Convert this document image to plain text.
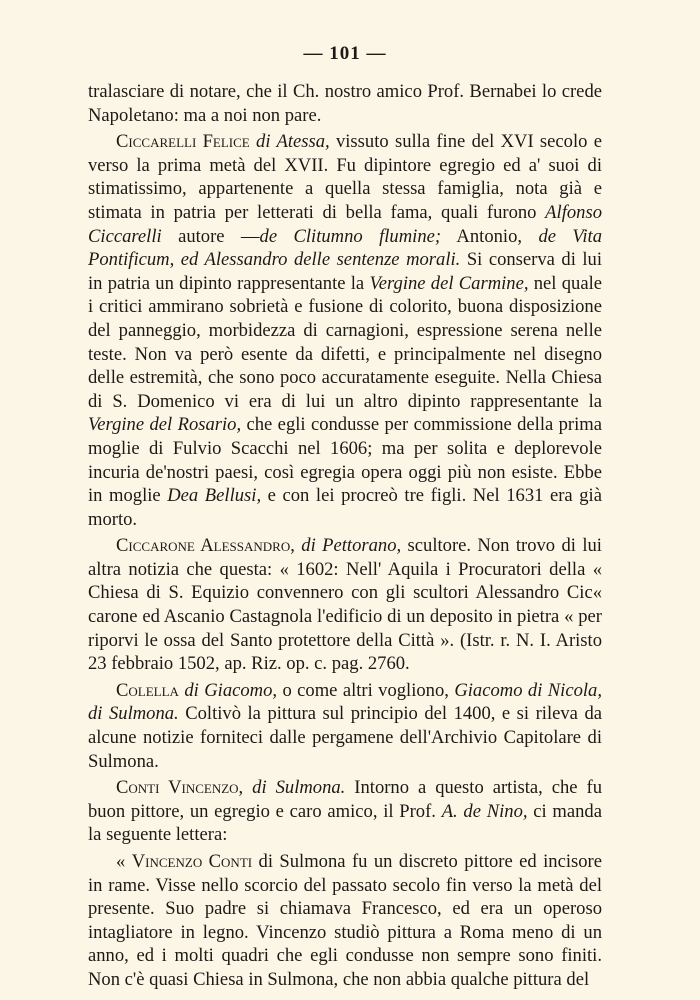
— 101 —

tralasciare di notare, che il Ch. nostro amico Prof. Bernabei lo crede Napoletano: ma a noi non pare.

Ciccarelli Felice di Atessa, vissuto sulla fine del XVI secolo e verso la prima metà del XVII. Fu dipintore egregio ed a' suoi di stimatissimo, appartenente a quella stessa famiglia, nota già e stimata in patria per letterati di bella fama, quali furono Alfonso Ciccarelli autore —de Clitumno flumine; Antonio, de Vita Pontificum, ed Alessandro delle sentenze morali. Si conserva di lui in patria un dipinto rappresentante la Vergine del Carmine, nel quale i critici ammirano sobrietà e fusione di colorito, buona disposizione del panneggio, morbidezza di carnagioni, espressione serena nelle teste. Non va però esente da difetti, e principalmente nel disegno delle estremità, che sono poco accuratamente eseguite. Nella Chiesa di S. Domenico vi era di lui un altro dipinto rappresentante la Vergine del Rosario, che egli condusse per commissione della prima moglie di Fulvio Scacchi nel 1606; ma per solita e deplorevole incuria de'nostri paesi, così egregia opera oggi più non esiste. Ebbe in moglie Dea Bellusi, e con lei procreò tre figli. Nel 1631 era già morto.

Ciccarone Alessandro, di Pettorano, scultore. Non trovo di lui altra notizia che questa: « 1602: Nell' Aquila i Procuratori della « Chiesa di S. Equizio convennero con gli scultori Alessandro Cic« carone ed Ascanio Castagnola l'edificio di un deposito in pietra « per riporvi le ossa del Santo protettore della Città ». (Istr. r. N. I. Aristo 23 febbraio 1502, ap. Riz. op. c. pag. 2760.

Colella di Giacomo, o come altri vogliono, Giacomo di Nicola, di Sulmona. Coltivò la pittura sul principio del 1400, e si rileva da alcune notizie forniteci dalle pergamene dell'Archivio Capitolare di Sulmona.

Conti Vincenzo, di Sulmona. Intorno a questo artista, che fu buon pittore, un egregio e caro amico, il Prof. A. de Nino, ci manda la seguente lettera:

« Vincenzo Conti di Sulmona fu un discreto pittore ed incisore in rame. Visse nello scorcio del passato secolo fin verso la metà del presente. Suo padre si chiamava Francesco, ed era un operoso intagliatore in legno. Vincenzo studiò pittura a Roma meno di un anno, ed i molti quadri che egli condusse non sempre sono finiti. Non c'è quasi Chiesa in Sulmona, che non abbia qualche pittura del
